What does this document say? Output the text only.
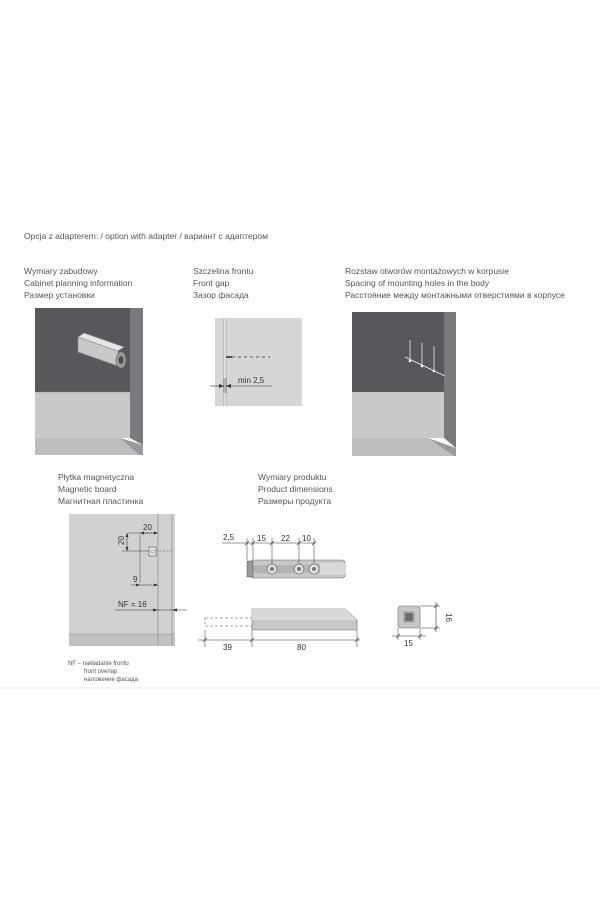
Opcja z adapterem: / option with adapter / вариант с адаптером
Wymiary zabudowy
Cabinet planning information
Размер установки
Szczelina frontu
Front gap
Зазор фасада
Rozstaw otworów montażowych w korpusie
Spacing of mounting holes in the body
Расстояние между монтажными отверстиями в корпусе
Płytka magnetyczna
Magnetic board
Магнитная пластинка
Wymiary produktu
Product dimensions
Размеры продукта
NF – nakładanie frontu
front overlap
наложение фасада
min 2,5
20
20
9
NF = 16
2,5	15 22 10
39	80	15
16
